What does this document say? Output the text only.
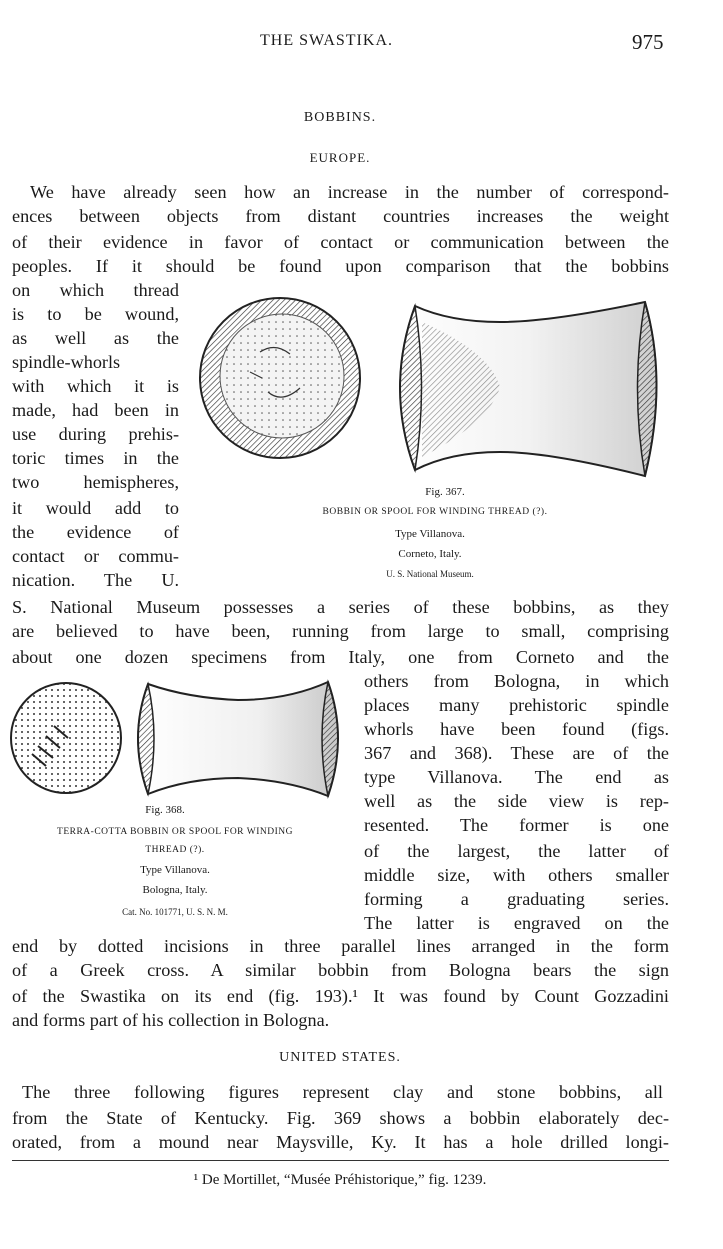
THE SWASTIKA.	975
BOBBINS.
EUROPE.
We have already seen how an increase in the number of correspond-
ences between objects from distant countries increases the weight
of their evidence in favor of contact or communication between the
peoples. If it should be found upon comparison that the bobbins
on which thread
is to be wound,
as well as the
spindle-whorls
with which it is
made, had been in
use during prehis-
toric times in the
two hemispheres,
it would add to
the evidence of
contact or commu-
nication. The U.
Fig. 367.
BOBBIN OR SPOOL FOR WINDING THREAD (?).
Type Villanova.
Corneto, Italy.
U. S. National Museum.
S. National Museum possesses a series of these bobbins, as they
are believed to have been, running from large to small, comprising
about one dozen specimens from Italy, one from Corneto and the
Fig. 368.
TERRA-COTTA BOBBIN OR SPOOL FOR WINDING
THREAD (?).
Type Villanova.
Bologna, Italy.
Cat. No. 101771, U. S. N. M.
others from Bologna, in which
places many prehistoric spindle
whorls have been found (figs.
367 and 368). These are of the
type Villanova. The end as
well as the side view is rep-
resented. The former is one
of the largest, the latter of
middle size, with others smaller
forming a graduating series.
The latter is engraved on the
end by dotted incisions in three parallel lines arranged in the form
of a Greek cross. A similar bobbin from Bologna bears the sign
of the Swastika on its end (fig. 193).¹ It was found by Count Gozzadini
and forms part of his collection in Bologna.
UNITED STATES.
The three following figures represent clay and stone bobbins, all
from the State of Kentucky. Fig. 369 shows a bobbin elaborately dec-
orated, from a mound near Maysville, Ky. It has a hole drilled longi-
¹ De Mortillet, “Musée Préhistorique,” fig. 1239.
